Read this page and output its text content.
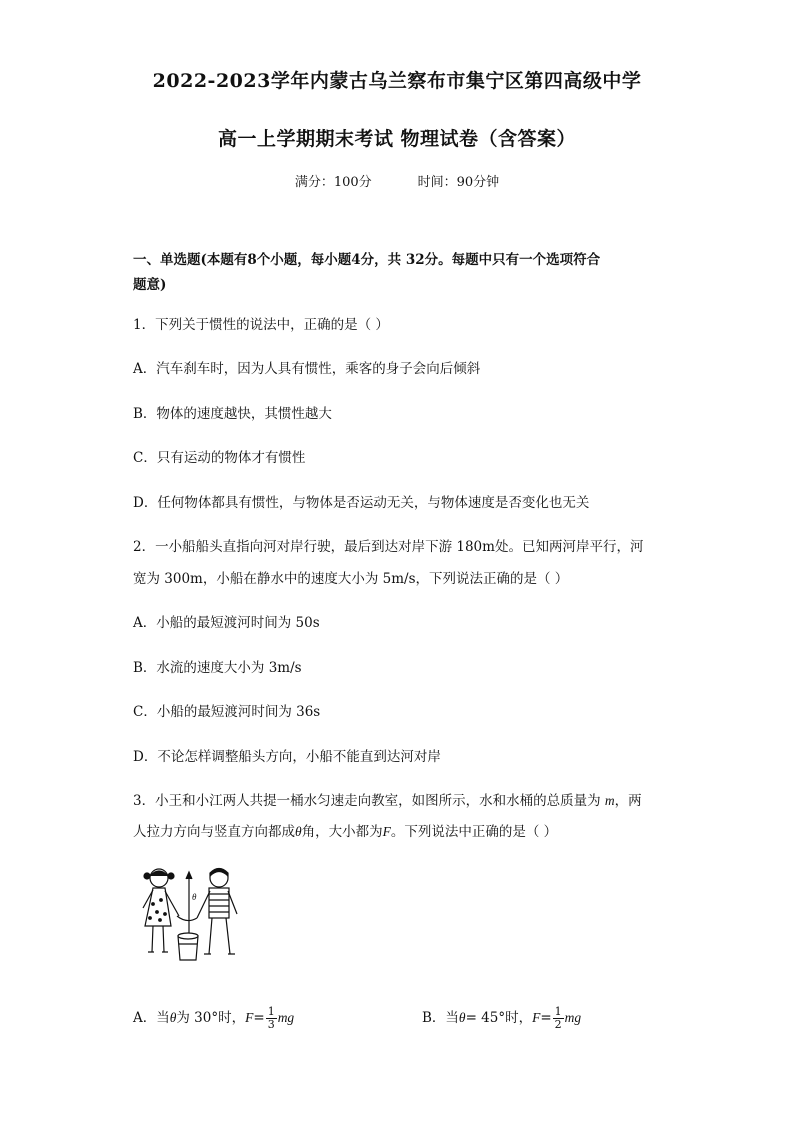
2022-2023学年内蒙古乌兰察布市集宁区第四高级中学
高一上学期期末考试 物理试卷（含答案）
满分：100分	时间：90分钟
一、单选题(本题有8个小题，每小题4分，共 32分。每题中只有一个选项符合
题意)
1．下列关于惯性的说法中，正确的是（ ）
A．汽车刹车时，因为人具有惯性，乘客的身子会向后倾斜
B．物体的速度越快，其惯性越大
C．只有运动的物体才有惯性
D．任何物体都具有惯性，与物体是否运动无关，与物体速度是否变化也无关
2．一小船船头直指向河对岸行驶，最后到达对岸下游 180m处。已知两河岸平行，河
宽为 300m，小船在静水中的速度大小为 5m/s，下列说法正确的是（ ）
A．小船的最短渡河时间为 50s
B．水流的速度大小为 3m/s
C．小船的最短渡河时间为 36s
D．不论怎样调整船头方向，小船不能直到达河对岸
3．小王和小江两人共提一桶水匀速走向教室，如图所示，水和水桶的总质量为 m，两
人拉力方向与竖直方向都成θ角，大小都为F。下列说法中正确的是（ ）
θ
A．当θ为 30°时，$F= \frac{1}{3}$ mg	B．当θ= 45°时，$F= \frac{1}{2}$ mg
